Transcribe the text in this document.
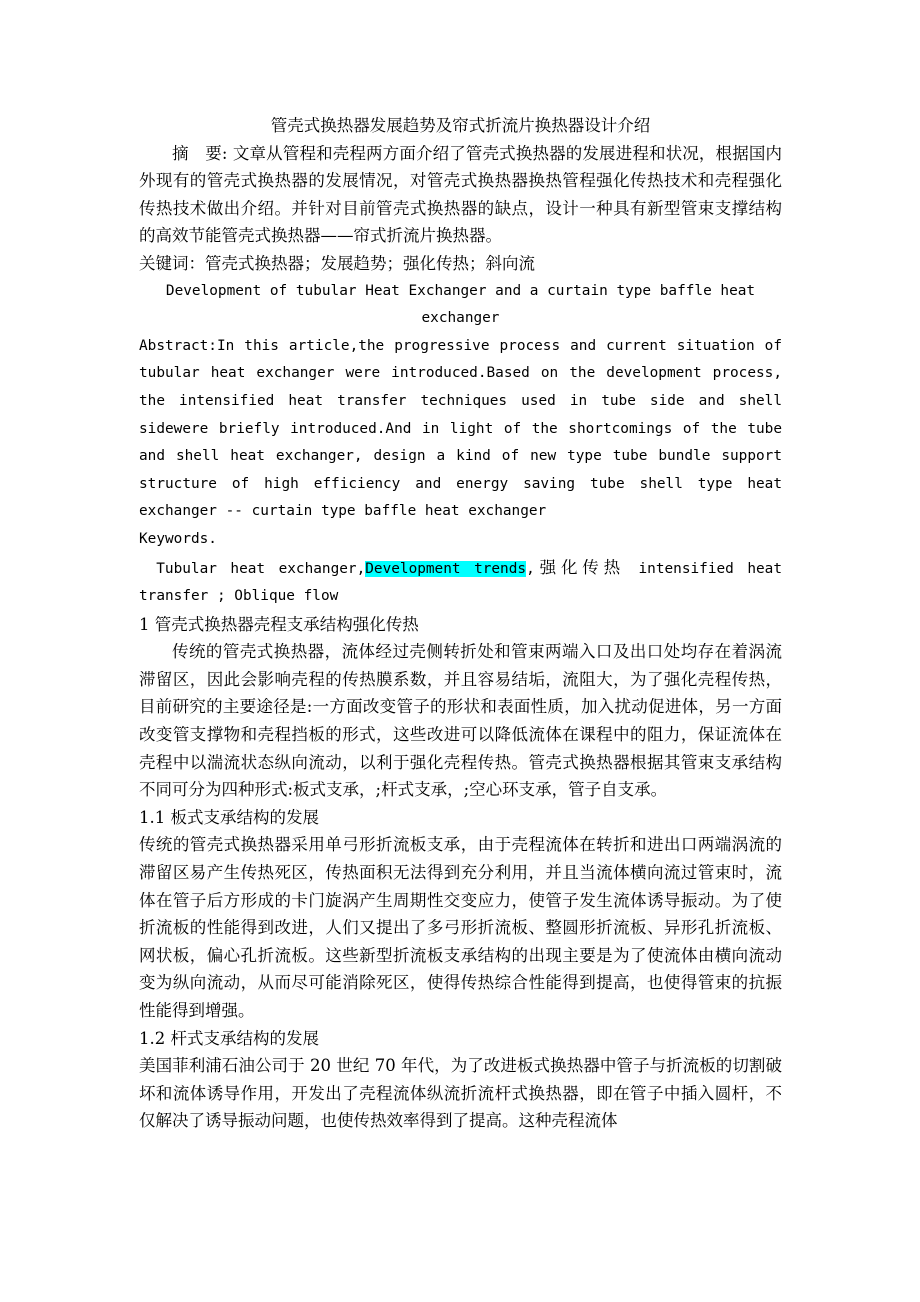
管壳式换热器发展趋势及帘式折流片换热器设计介绍

摘　要: 文章从管程和壳程两方面介绍了管壳式换热器的发展进程和状况，根据国内外现有的管壳式换热器的发展情况，对管壳式换热器换热管程强化传热技术和壳程强化传热技术做出介绍。并针对目前管壳式换热器的缺点，设计一种具有新型管束支撑结构的高效节能管壳式换热器——帘式折流片换热器。

关键词：管壳式换热器；发展趋势；强化传热；斜向流

Development of tubular Heat Exchanger and a curtain type baffle heat exchanger

Abstract:In this article,the progressive process and current situation of tubular heat exchanger were introduced.Based on the development process, the intensified heat transfer techniques used in tube side and shell sidewere briefly introduced.And in light of the shortcomings of the tube and shell heat exchanger, design a kind of new type tube bundle support structure of high efficiency and energy saving tube shell type heat exchanger -- curtain type baffle heat exchanger

Keywords.

Tubular heat exchanger,Development trends,强化传热 intensified heat transfer ; Oblique flow

1 管壳式换热器壳程支承结构强化传热

传统的管壳式换热器，流体经过壳侧转折处和管束两端入口及出口处均存在着涡流滞留区，因此会影响壳程的传热膜系数，并且容易结垢，流阻大，为了强化壳程传热，目前研究的主要途径是:一方面改变管子的形状和表面性质，加入扰动促进体，另一方面改变管支撑物和壳程挡板的形式，这些改进可以降低流体在课程中的阻力，保证流体在壳程中以湍流状态纵向流动，以利于强化壳程传热。管壳式换热器根据其管束支承结构不同可分为四种形式:板式支承，;杆式支承，;空心环支承，管子自支承。

1.1 板式支承结构的发展

传统的管壳式换热器采用单弓形折流板支承，由于壳程流体在转折和进出口两端涡流的滞留区易产生传热死区，传热面积无法得到充分利用，并且当流体横向流过管束时，流体在管子后方形成的卡门旋涡产生周期性交变应力，使管子发生流体诱导振动。为了使折流板的性能得到改进，人们又提出了多弓形折流板、整圆形折流板、异形孔折流板、网状板，偏心孔折流板。这些新型折流板支承结构的出现主要是为了使流体由横向流动变为纵向流动，从而尽可能消除死区，使得传热综合性能得到提高，也使得管束的抗振性能得到增强。

1.2 杆式支承结构的发展

美国菲利浦石油公司于 20 世纪 70 年代，为了改进板式换热器中管子与折流板的切割破坏和流体诱导作用，开发出了壳程流体纵流折流杆式换热器，即在管子中插入圆杆，不仅解决了诱导振动问题，也使传热效率得到了提高。这种壳程流体
